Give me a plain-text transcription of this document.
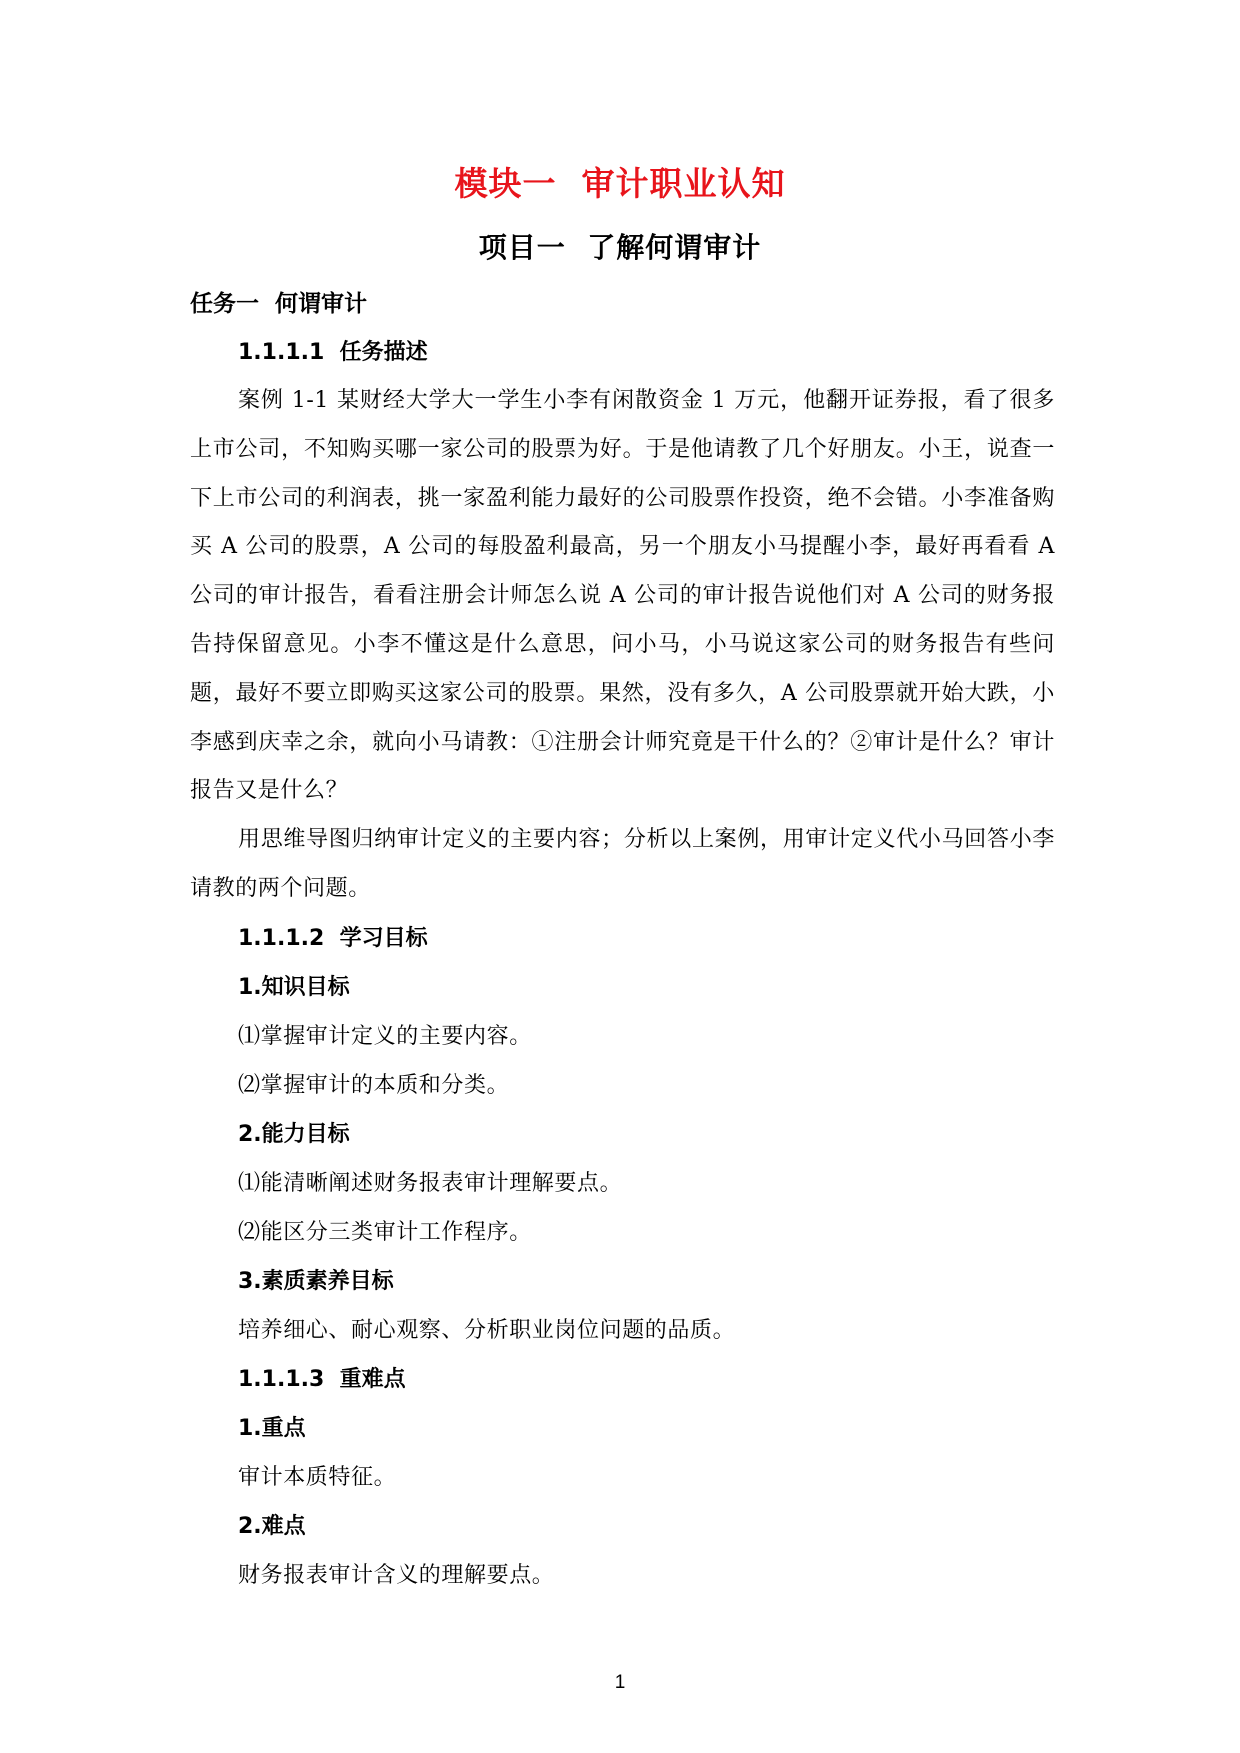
模块一  审计职业认知
项目一  了解何谓审计
任务一  何谓审计
1.1.1.1  任务描述

案例 1-1 某财经大学大一学生小李有闲散资金 1 万元，他翻开证券报，看了很多上市公司，不知购买哪一家公司的股票为好。于是他请教了几个好朋友。小王，说查一下上市公司的利润表，挑一家盈利能力最好的公司股票作投资，绝不会错。小李准备购买 A 公司的股票，A 公司的每股盈利最高，另一个朋友小马提醒小李，最好再看看 A 公司的审计报告，看看注册会计师怎么说 A 公司的审计报告说他们对 A 公司的财务报告持保留意见。小李不懂这是什么意思，问小马，小马说这家公司的财务报告有些问题，最好不要立即购买这家公司的股票。果然，没有多久，A 公司股票就开始大跌，小李感到庆幸之余，就向小马请教：①注册会计师究竟是干什么的？②审计是什么？审计报告又是什么？

用思维导图归纳审计定义的主要内容；分析以上案例，用审计定义代小马回答小李请教的两个问题。

1.1.1.2  学习目标
1.知识目标
⑴掌握审计定义的主要内容。
⑵掌握审计的本质和分类。
2.能力目标
⑴能清晰阐述财务报表审计理解要点。
⑵能区分三类审计工作程序。
3.素质素养目标
培养细心、耐心观察、分析职业岗位问题的品质。
1.1.1.3  重难点
1.重点
审计本质特征。
2.难点
财务报表审计含义的理解要点。
1
